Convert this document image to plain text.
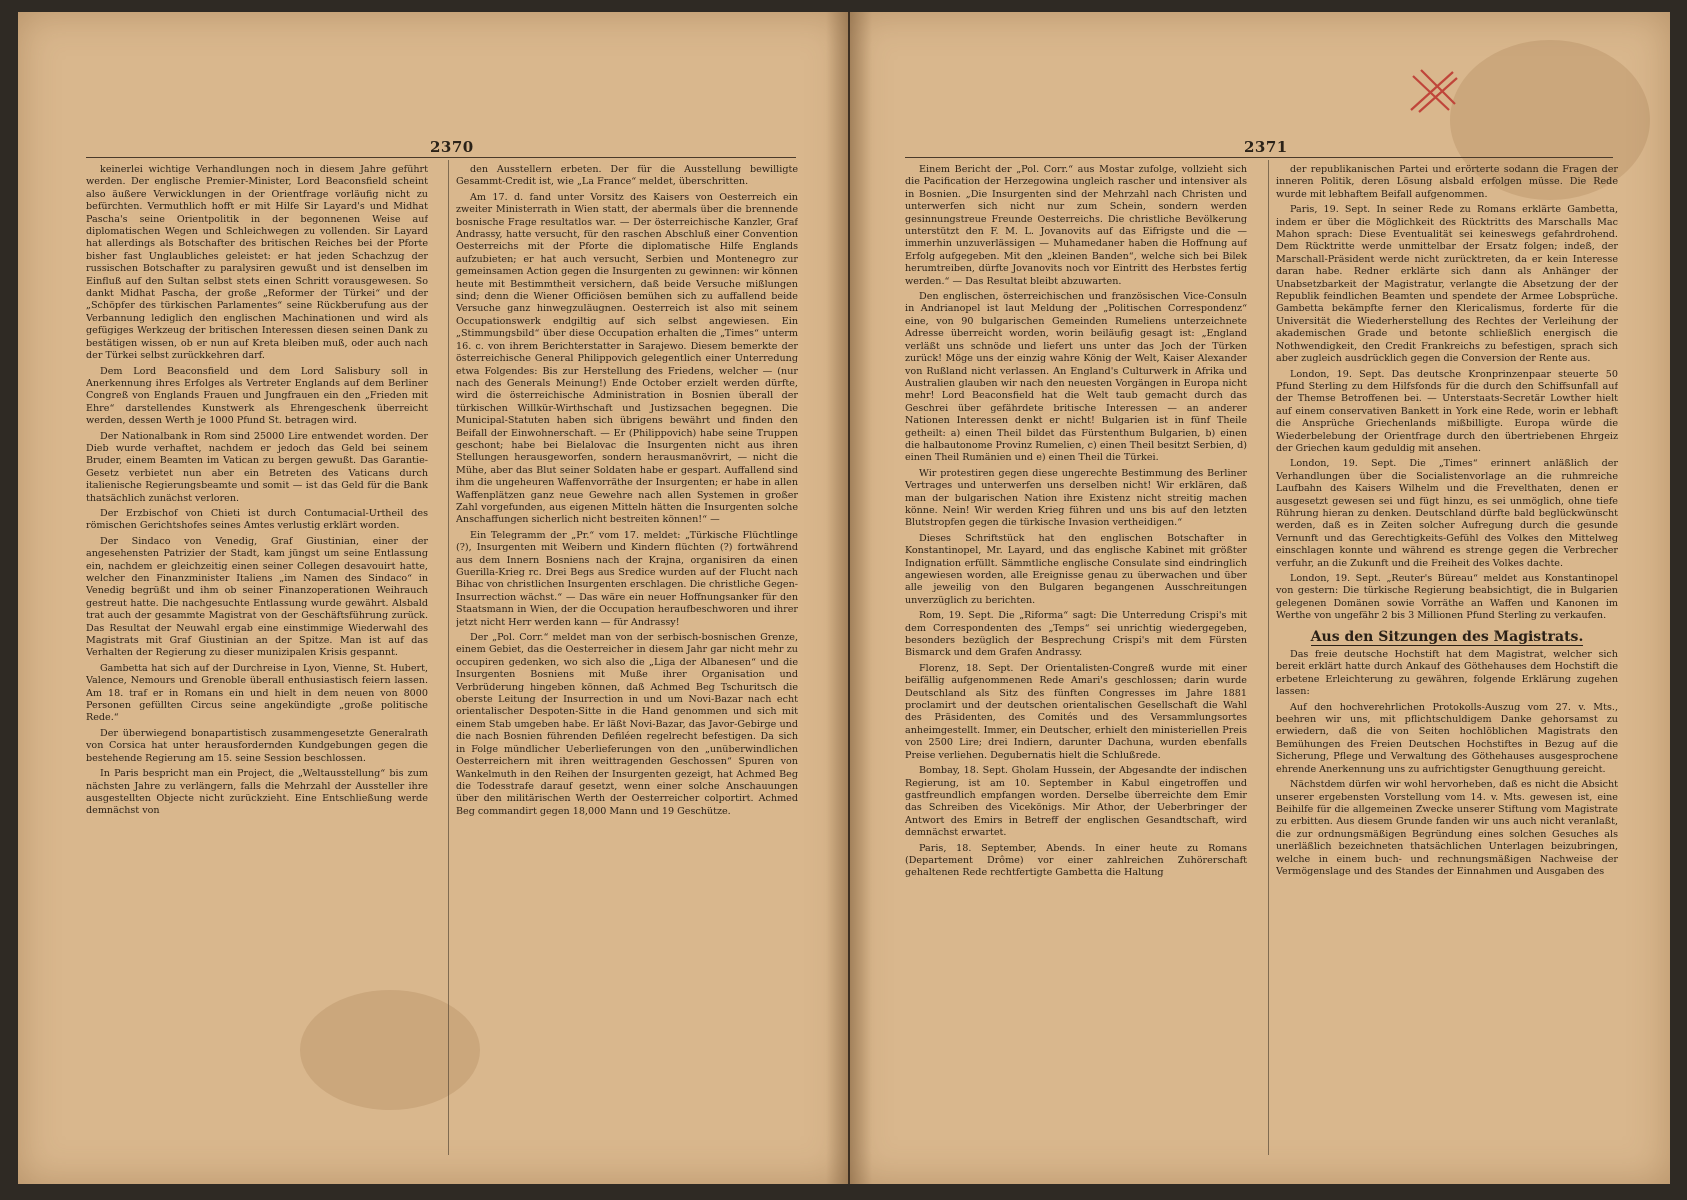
2370	2371

keinerlei wichtige Verhandlungen noch in diesem Jahre geführt werden. Der englische Premier-Minister, Lord Beaconsfield scheint also äußere Verwicklungen in der Orientfrage vorläufig nicht zu befürchten. Vermuthlich hofft er mit Hilfe Sir Layard's und Midhat Pascha's seine Orientpolitik in der begonnenen Weise auf diplomatischen Wegen und Schleichwegen zu vollenden. Sir Layard hat allerdings als Botschafter des britischen Reiches bei der Pforte bisher fast Unglaubliches geleistet: er hat jeden Schachzug der russischen Botschafter zu paralysiren gewußt und ist denselben im Einfluß auf den Sultan selbst stets einen Schritt vorausgewesen. So dankt Midhat Pascha, der große „Reformer der Türkei“ und der „Schöpfer des türkischen Parlamentes“ seine Rückberufung aus der Verbannung lediglich den englischen Machinationen und wird als gefügiges Werkzeug der britischen Interessen diesen seinen Dank zu bestätigen wissen, ob er nun auf Kreta bleiben muß, oder auch nach der Türkei selbst zurückkehren darf.

Dem Lord Beaconsfield und dem Lord Salisbury soll in Anerkennung ihres Erfolges als Vertreter Englands auf dem Berliner Congreß von Englands Frauen und Jungfrauen ein den „Frieden mit Ehre“ darstellendes Kunstwerk als Ehrengeschenk überreicht werden, dessen Werth je 1000 Pfund St. betragen wird.

Der Nationalbank in Rom sind 25000 Lire entwendet worden. Der Dieb wurde verhaftet, nachdem er jedoch das Geld bei seinem Bruder, einem Beamten im Vatican zu bergen gewußt. Das Garantie-Gesetz verbietet nun aber ein Betreten des Vaticans durch italienische Regierungsbeamte und somit — ist das Geld für die Bank thatsächlich zunächst verloren.

Der Erzbischof von Chieti ist durch Contumacial-Urtheil des römischen Gerichtshofes seines Amtes verlustig erklärt worden.

Der Sindaco von Venedig, Graf Giustinian, einer der angesehensten Patrizier der Stadt, kam jüngst um seine Entlassung ein, nachdem er gleichzeitig einen seiner Collegen desavouirt hatte, welcher den Finanzminister Italiens „im Namen des Sindaco“ in Venedig begrüßt und ihm ob seiner Finanzoperationen Weihrauch gestreut hatte. Die nachgesuchte Entlassung wurde gewährt. Alsbald trat auch der gesammte Magistrat von der Geschäftsführung zurück. Das Resultat der Neuwahl ergab eine einstimmige Wiederwahl des Magistrats mit Graf Giustinian an der Spitze. Man ist auf das Verhalten der Regierung zu dieser munizipalen Krisis gespannt.

Gambetta hat sich auf der Durchreise in Lyon, Vienne, St. Hubert, Valence, Nemours und Grenoble überall enthusiastisch feiern lassen. Am 18. traf er in Romans ein und hielt in dem neuen von 8000 Personen gefüllten Circus seine angekündigte „große politische Rede.“

Der überwiegend bonapartistisch zusammengesetzte Generalrath von Corsica hat unter herausfordernden Kundgebungen gegen die bestehende Regierung am 15. seine Session beschlossen.

In Paris bespricht man ein Project, die „Weltausstellung“ bis zum nächsten Jahre zu verlängern, falls die Mehrzahl der Aussteller ihre ausgestellten Objecte nicht zurückzieht. Eine Entschließung werde demnächst von

den Ausstellern erbeten. Der für die Ausstellung bewilligte Gesammt-Credit ist, wie „La France“ meldet, überschritten.

Am 17. d. fand unter Vorsitz des Kaisers von Oesterreich ein zweiter Ministerrath in Wien statt, der abermals über die brennende bosnische Frage resultatlos war. — Der österreichische Kanzler, Graf Andrassy, hatte versucht, für den raschen Abschluß einer Convention Oesterreichs mit der Pforte die diplomatische Hilfe Englands aufzubieten; er hat auch versucht, Serbien und Montenegro zur gemeinsamen Action gegen die Insurgenten zu gewinnen: wir können heute mit Bestimmtheit versichern, daß beide Versuche mißlungen sind; denn die Wiener Officiösen bemühen sich zu auffallend beide Versuche ganz hinwegzuläugnen. Oesterreich ist also mit seinem Occupationswerk endgiltig auf sich selbst angewiesen. Ein „Stimmungsbild“ über diese Occupation erhalten die „Times“ unterm 16. c. von ihrem Berichterstatter in Sarajewo. Diesem bemerkte der österreichische General Philippovich gelegentlich einer Unterredung etwa Folgendes: Bis zur Herstellung des Friedens, welcher — (nur nach des Generals Meinung!) Ende October erzielt werden dürfte, wird die österreichische Administration in Bosnien überall der türkischen Willkür-Wirthschaft und Justizsachen begegnen. Die Municipal-Statuten haben sich übrigens bewährt und finden den Beifall der Einwohnerschaft. — Er (Philippovich) habe seine Truppen geschont; habe bei Bielalovac die Insurgenten nicht aus ihren Stellungen herausgeworfen, sondern herausmanövrirt, — nicht die Mühe, aber das Blut seiner Soldaten habe er gespart. Auffallend sind ihm die ungeheuren Waffenvorräthe der Insurgenten; er habe in allen Waffenplätzen ganz neue Gewehre nach allen Systemen in großer Zahl vorgefunden, aus eigenen Mitteln hätten die Insurgenten solche Anschaffungen sicherlich nicht bestreiten können!“ —

Ein Telegramm der „Pr.“ vom 17. meldet: „Türkische Flüchtlinge (?), Insurgenten mit Weibern und Kindern flüchten (?) fortwährend aus dem Innern Bosniens nach der Krajna, organisiren da einen Guerilla-Krieg rc. Drei Begs aus Sredice wurden auf der Flucht nach Bihac von christlichen Insurgenten erschlagen. Die christliche Gegen-Insurrection wächst.“ — Das wäre ein neuer Hoffnungsanker für den Staatsmann in Wien, der die Occupation heraufbeschworen und ihrer jetzt nicht Herr werden kann — für Andrassy!

Der „Pol. Corr.“ meldet man von der serbisch-bosnischen Grenze, einem Gebiet, das die Oesterreicher in diesem Jahr gar nicht mehr zu occupiren gedenken, wo sich also die „Liga der Albanesen“ und die Insurgenten Bosniens mit Muße ihrer Organisation und Verbrüderung hingeben können, daß Achmed Beg Tschuritsch die oberste Leitung der Insurrection in und um Novi-Bazar nach echt orientalischer Despoten-Sitte in die Hand genommen und sich mit einem Stab umgeben habe. Er läßt Novi-Bazar, das Javor-Gebirge und die nach Bosnien führenden Defiléen regelrecht befestigen. Da sich in Folge mündlicher Ueberlieferungen von den „unüberwindlichen Oesterreichern mit ihren weittragenden Geschossen“ Spuren von Wankelmuth in den Reihen der Insurgenten gezeigt, hat Achmed Beg die Todesstrafe darauf gesetzt, wenn einer solche Anschauungen über den militärischen Werth der Oesterreicher colportirt. Achmed Beg commandirt gegen 18,000 Mann und 19 Geschütze.

Einem Bericht der „Pol. Corr.“ aus Mostar zufolge, vollzieht sich die Pacification der Herzegowina ungleich rascher und intensiver als in Bosnien. „Die Insurgenten sind der Mehrzahl nach Christen und unterwerfen sich nicht nur zum Schein, sondern werden gesinnungstreue Freunde Oesterreichs. Die christliche Bevölkerung unterstützt den F. M. L. Jovanovits auf das Eifrigste und die — immerhin unzuverlässigen — Muhamedaner haben die Hoffnung auf Erfolg aufgegeben. Mit den „kleinen Banden“, welche sich bei Bilek herumtreiben, dürfte Jovanovits noch vor Eintritt des Herbstes fertig werden.“ — Das Resultat bleibt abzuwarten.

Den englischen, österreichischen und französischen Vice-Consuln in Andrianopel ist laut Meldung der „Politischen Correspondenz“ eine, von 90 bulgarischen Gemeinden Rumeliens unterzeichnete Adresse überreicht worden, worin beiläufig gesagt ist: „England verläßt uns schnöde und liefert uns unter das Joch der Türken zurück! Möge uns der einzig wahre König der Welt, Kaiser Alexander von Rußland nicht verlassen. An England's Culturwerk in Afrika und Australien glauben wir nach den neuesten Vorgängen in Europa nicht mehr! Lord Beaconsfield hat die Welt taub gemacht durch das Geschrei über gefährdete britische Interessen — an anderer Nationen Interessen denkt er nicht! Bulgarien ist in fünf Theile getheilt: a) einen Theil bildet das Fürstenthum Bulgarien, b) einen die halbautonome Provinz Rumelien, c) einen Theil besitzt Serbien, d) einen Theil Rumänien und e) einen Theil die Türkei.

Wir protestiren gegen diese ungerechte Bestimmung des Berliner Vertrages und unterwerfen uns derselben nicht! Wir erklären, daß man der bulgarischen Nation ihre Existenz nicht streitig machen könne. Nein! Wir werden Krieg führen und uns bis auf den letzten Blutstropfen gegen die türkische Invasion vertheidigen.“

Dieses Schriftstück hat den englischen Botschafter in Konstantinopel, Mr. Layard, und das englische Kabinet mit größter Indignation erfüllt. Sämmtliche englische Consulate sind eindringlich angewiesen worden, alle Ereignisse genau zu überwachen und über alle jeweilig von den Bulgaren begangenen Ausschreitungen unverzüglich zu berichten.

Rom, 19. Sept. Die „Riforma“ sagt: Die Unterredung Crispi's mit dem Correspondenten des „Temps“ sei unrichtig wiedergegeben, besonders bezüglich der Besprechung Crispi's mit dem Fürsten Bismarck und dem Grafen Andrassy.

Florenz, 18. Sept. Der Orientalisten-Congreß wurde mit einer beifällig aufgenommenen Rede Amari's geschlossen; darin wurde Deutschland als Sitz des fünften Congresses im Jahre 1881 proclamirt und der deutschen orientalischen Gesellschaft die Wahl des Präsidenten, des Comités und des Versammlungsortes anheimgestellt. Immer, ein Deutscher, erhielt den ministeriellen Preis von 2500 Lire; drei Indiern, darunter Dachuna, wurden ebenfalls Preise verliehen. Degubernatis hielt die Schlußrede.

Bombay, 18. Sept. Gholam Hussein, der Abgesandte der indischen Regierung, ist am 10. September in Kabul eingetroffen und gastfreundlich empfangen worden. Derselbe überreichte dem Emir das Schreiben des Vicekönigs. Mir Athor, der Ueberbringer der Antwort des Emirs in Betreff der englischen Gesandtschaft, wird demnächst erwartet.

Paris, 18. September, Abends. In einer heute zu Romans (Departement Drôme) vor einer zahlreichen Zuhörerschaft gehaltenen Rede rechtfertigte Gambetta die Haltung

der republikanischen Partei und erörterte sodann die Fragen der inneren Politik, deren Lösung alsbald erfolgen müsse. Die Rede wurde mit lebhaftem Beifall aufgenommen.

Paris, 19. Sept. In seiner Rede zu Romans erklärte Gambetta, indem er über die Möglichkeit des Rücktritts des Marschalls Mac Mahon sprach: Diese Eventualität sei keineswegs gefahrdrohend. Dem Rücktritte werde unmittelbar der Ersatz folgen; indeß, der Marschall-Präsident werde nicht zurücktreten, da er kein Interesse daran habe. Redner erklärte sich dann als Anhänger der Unabsetzbarkeit der Magistratur, verlangte die Absetzung der der Republik feindlichen Beamten und spendete der Armee Lobsprüche. Gambetta bekämpfte ferner den Klericalismus, forderte für die Universität die Wiederherstellung des Rechtes der Verleihung der akademischen Grade und betonte schließlich energisch die Nothwendigkeit, den Credit Frankreichs zu befestigen, sprach sich aber zugleich ausdrücklich gegen die Conversion der Rente aus.

London, 19. Sept. Das deutsche Kronprinzenpaar steuerte 50 Pfund Sterling zu dem Hilfsfonds für die durch den Schiffsunfall auf der Themse Betroffenen bei. — Unterstaats-Secretär Lowther hielt auf einem conservativen Bankett in York eine Rede, worin er lebhaft die Ansprüche Griechenlands mißbilligte. Europa würde die Wiederbelebung der Orientfrage durch den übertriebenen Ehrgeiz der Griechen kaum geduldig mit ansehen.

London, 19. Sept. Die „Times“ erinnert anläßlich der Verhandlungen über die Socialistenvorlage an die ruhmreiche Laufbahn des Kaisers Wilhelm und die Frevelthaten, denen er ausgesetzt gewesen sei und fügt hinzu, es sei unmöglich, ohne tiefe Rührung hieran zu denken. Deutschland dürfte bald beglückwünscht werden, daß es in Zeiten solcher Aufregung durch die gesunde Vernunft und das Gerechtigkeits-Gefühl des Volkes den Mittelweg einschlagen konnte und während es strenge gegen die Verbrecher verfuhr, an die Zukunft und die Freiheit des Volkes dachte.

London, 19. Sept. „Reuter's Büreau“ meldet aus Konstantinopel von gestern: Die türkische Regierung beabsichtigt, die in Bulgarien gelegenen Domänen sowie Vorräthe an Waffen und Kanonen im Werthe von ungefähr 2 bis 3 Millionen Pfund Sterling zu verkaufen.

Aus den Sitzungen des Magistrats.

Das freie deutsche Hochstift hat dem Magistrat, welcher sich bereit erklärt hatte durch Ankauf des Göthehauses dem Hochstift die erbetene Erleichterung zu gewähren, folgende Erklärung zugehen lassen:

Auf den hochverehrlichen Protokolls-Auszug vom 27. v. Mts., beehren wir uns, mit pflichtschuldigem Danke gehorsamst zu erwiedern, daß die von Seiten hochlöblichen Magistrats den Bemühungen des Freien Deutschen Hochstiftes in Bezug auf die Sicherung, Pflege und Verwaltung des Göthehauses ausgesprochene ehrende Anerkennung uns zu aufrichtigster Genugthuung gereicht.

Nächstdem dürfen wir wohl hervorheben, daß es nicht die Absicht unserer ergebensten Vorstellung vom 14. v. Mts. gewesen ist, eine Beihilfe für die allgemeinen Zwecke unserer Stiftung vom Magistrate zu erbitten. Aus diesem Grunde fanden wir uns auch nicht veranlaßt, die zur ordnungsmäßigen Begründung eines solchen Gesuches als unerläßlich bezeichneten thatsächlichen Unterlagen beizubringen, welche in einem buch- und rechnungsmäßigen Nachweise der Vermögenslage und des Standes der Einnahmen und Ausgaben des
